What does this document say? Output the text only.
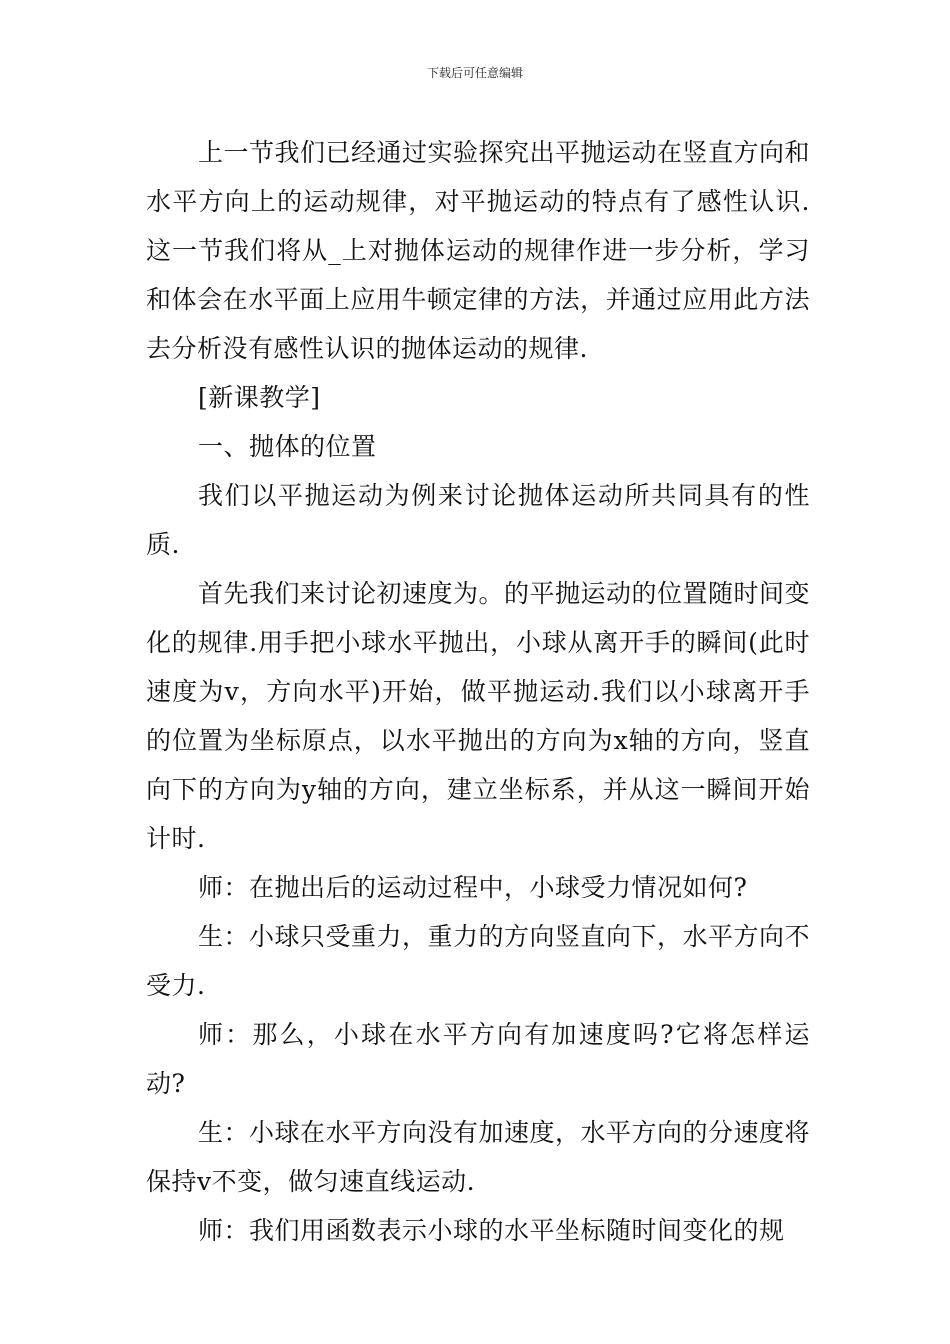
下载后可任意编辑

上一节我们已经通过实验探究出平抛运动在竖直方向和水平方向上的运动规律，对平抛运动的特点有了感性认识.这一节我们将从_上对抛体运动的规律作进一步分析，学习和体会在水平面上应用牛顿定律的方法，并通过应用此方法去分析没有感性认识的抛体运动的规律.

[新课教学]

一、抛体的位置

我们以平抛运动为例来讨论抛体运动所共同具有的性质.

首先我们来讨论初速度为。的平抛运动的位置随时间变化的规律.用手把小球水平抛出，小球从离开手的瞬间(此时速度为v，方向水平)开始，做平抛运动.我们以小球离开手的位置为坐标原点，以水平抛出的方向为x轴的方向，竖直向下的方向为y轴的方向，建立坐标系，并从这一瞬间开始计时.

师：在抛出后的运动过程中，小球受力情况如何?

生：小球只受重力，重力的方向竖直向下，水平方向不受力.

师：那么，小球在水平方向有加速度吗?它将怎样运动?

生：小球在水平方向没有加速度，水平方向的分速度将保持v不变，做匀速直线运动.

师：我们用函数表示小球的水平坐标随时间变化的规
